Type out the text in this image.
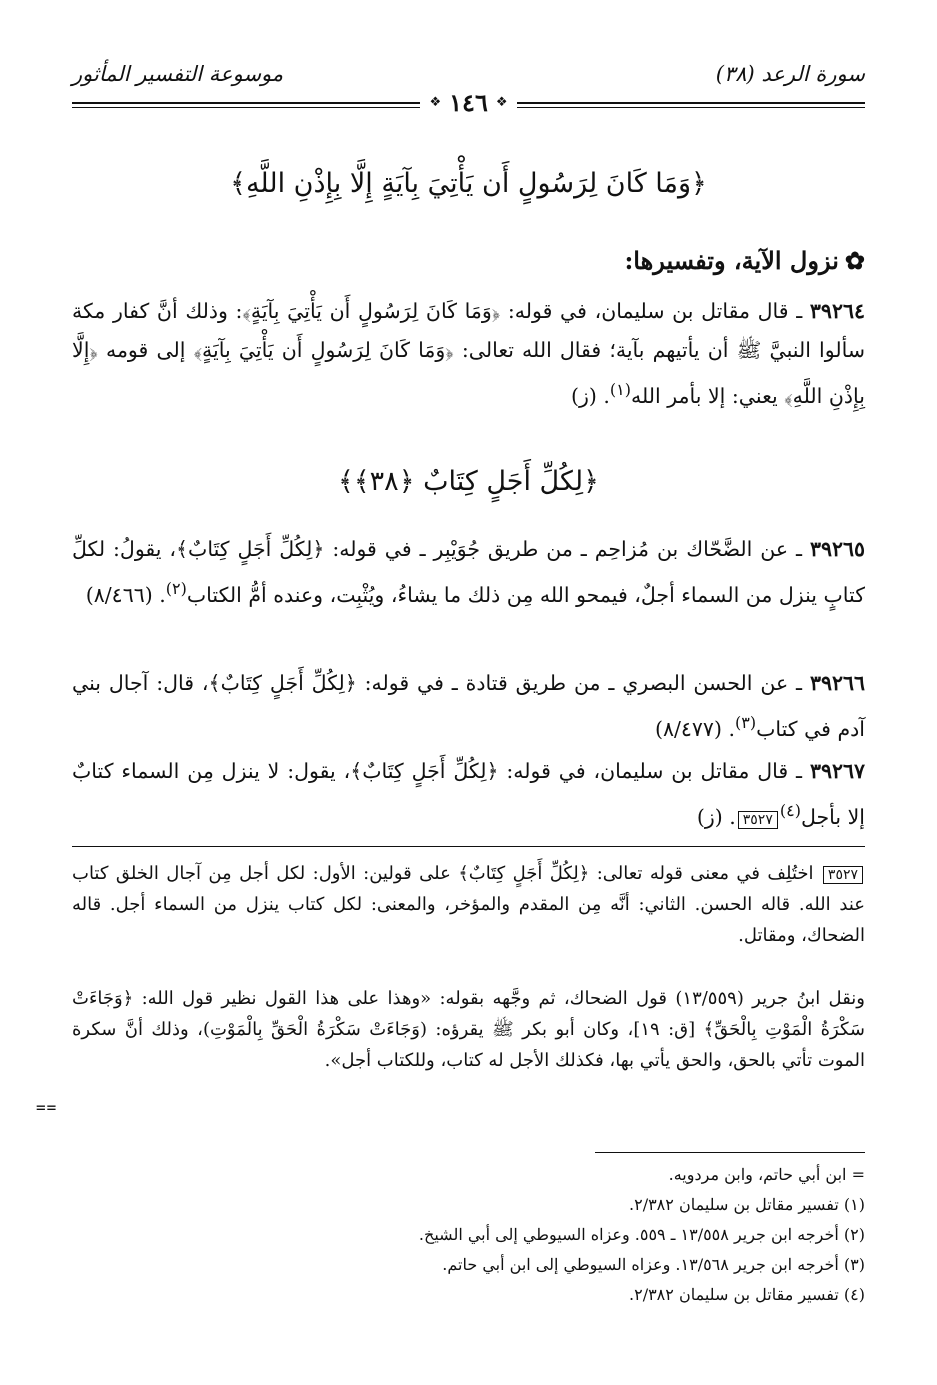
موسوعة التفسير المأثور	سورة الرعد (٣٨)
❖ ١٤٦ ❖
﴿وَمَا كَانَ لِرَسُولٍ أَن يَأْتِيَ بِآيَةٍ إِلَّا بِإِذْنِ اللَّهِ﴾
✿نزول الآية، وتفسيرها:
٣٩٢٦٤ ـ قال مقاتل بن سليمان، في قوله: ﴿وَمَا كَانَ لِرَسُولٍ أَن يَأْتِيَ بِآيَةٍ﴾: وذلك أنَّ كفار مكة سألوا النبيَّ ﷺ أن يأتيهم بآية؛ فقال الله تعالى: ﴿وَمَا كَانَ لِرَسُولٍ أَن يَأْتِيَ بِآيَةٍ﴾ إلى قومه ﴿إِلَّا بِإِذْنِ اللَّهِ﴾ يعني: إلا بأمر الله$^{(١)}$. (ز)
﴿لِكُلِّ أَجَلٍ كِتَابٌ ﴿٣٨﴾﴾
٣٩٢٦٥ ـ عن الضَّحّاك بن مُزاحِم ـ من طريق جُوَيْبِر ـ في قوله: ﴿لِكُلِّ أَجَلٍ كِتَابٌ﴾، يقولُ: لكلِّ كتابٍ ينزل من السماء أجلٌ، فيمحو الله مِن ذلك ما يشاءُ، ويُثْبِت، وعنده أمُّ الكتاب$^{(٢)}$. (٨/٤٦٦)
٣٩٢٦٦ ـ عن الحسن البصري ـ من طريق قتادة ـ في قوله: ﴿لِكُلِّ أَجَلٍ كِتَابٌ﴾، قال: آجال بني آدم في كتاب$^{(٣)}$. (٨/٤٧٧)
٣٩٢٦٧ ـ قال مقاتل بن سليمان، في قوله: ﴿لِكُلِّ أَجَلٍ كِتَابٌ﴾، يقول: لا ينزل مِن السماء كتابٌ إلا بأجل$^{(٤)}$٣٥٢٧. (ز)
٣٥٢٧ اختُلِف في معنى قوله تعالى: ﴿لِكُلِّ أَجَلٍ كِتَابٌ﴾ على قولين: الأول: لكل أجل مِن آجال الخلق كتاب عند الله. قاله الحسن. الثاني: أنَّه مِن المقدم والمؤخر، والمعنى: لكل كتاب ينزل من السماء أجل. قاله الضحاك، ومقاتل.
ونقل ابنُ جرير (١٣/٥٥٩) قول الضحاك، ثم وجَّهه بقوله: «وهذا على هذا القول نظير قول الله: ﴿وَجَاءَتْ سَكْرَةُ الْمَوْتِ بِالْحَقِّ﴾ [ق: ١٩]، وكان أبو بكر ﷺ يقرؤه: (وَجَاءَتْ سَكْرَةُ الْحَقِّ بِالْمَوْتِ)، وذلك أنَّ سكرة الموت تأتي بالحق، والحق يأتي بها، فكذلك الأجل له كتاب، وللكتاب أجل».
==
= ابن أبي حاتم، وابن مردويه.
(١) تفسير مقاتل بن سليمان ٢/٣٨٢.
(٢) أخرجه ابن جرير ١٣/٥٥٨ ـ ٥٥٩. وعزاه السيوطي إلى أبي الشيخ.
(٣) أخرجه ابن جرير ١٣/٥٦٨. وعزاه السيوطي إلى ابن أبي حاتم.
(٤) تفسير مقاتل بن سليمان ٢/٣٨٢.
